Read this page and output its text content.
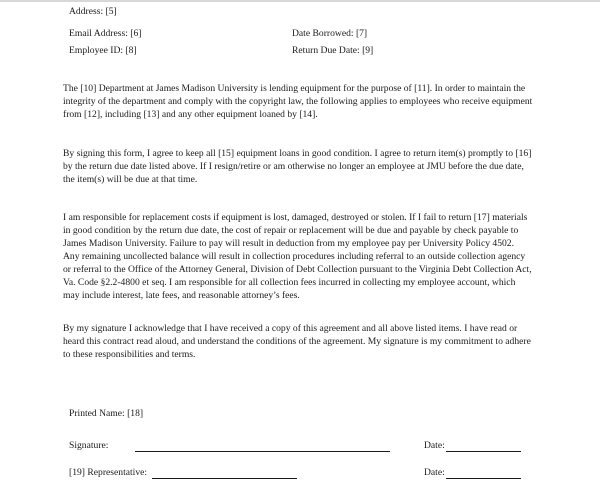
Address: [5]
Email Address: [6]	Date Borrowed: [7]
Employee ID: [8]	Return Due Date: [9]
The [10] Department at James Madison University is lending equipment for the purpose of [11]. In order to maintain the
integrity of the department and comply with the copyright law, the following applies to employees who receive equipment
from [12], including [13] and any other equipment loaned by [14].
By signing this form, I agree to keep all [15] equipment loans in good condition. I agree to return item(s) promptly to [16]
by the return due date listed above. If I resign/retire or am otherwise no longer an employee at JMU before the due date,
the item(s) will be due at that time.
I am responsible for replacement costs if equipment is lost, damaged, destroyed or stolen. If I fail to return [17] materials
in good condition by the return due date, the cost of repair or replacement will be due and payable by check payable to
James Madison University. Failure to pay will result in deduction from my employee pay per University Policy 4502.
Any remaining uncollected balance will result in collection procedures including referral to an outside collection agency
or referral to the Office of the Attorney General, Division of Debt Collection pursuant to the Virginia Debt Collection Act,
Va. Code §2.2-4800 et seq. I am responsible for all collection fees incurred in collecting my employee account, which
may include interest, late fees, and reasonable attorney’s fees.
By my signature I acknowledge that I have received a copy of this agreement and all above listed items. I have read or
heard this contract read aloud, and understand the conditions of the agreement. My signature is my commitment to adhere
to these responsibilities and terms.
Printed Name: [18]
Signature:	Date:
[19] Representative:	Date:
